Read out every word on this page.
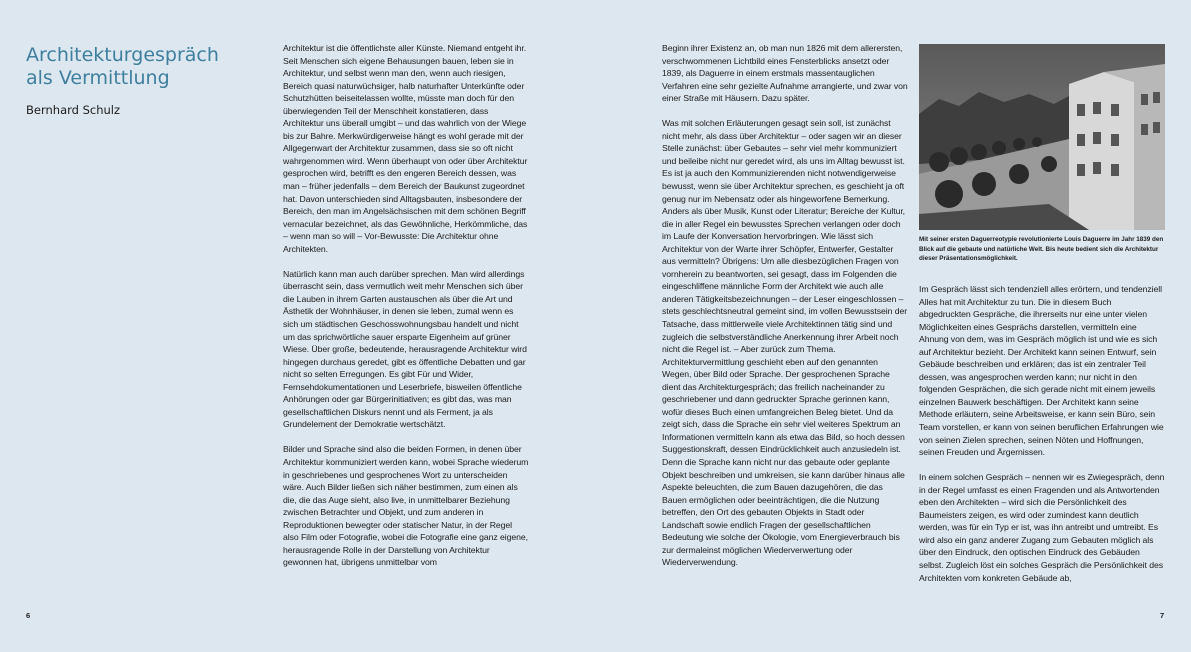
Architekturgespräch
als Vermittlung

Bernhard Schulz

Architektur ist die öffentlichste aller Künste. Niemand entgeht ihr. Seit Menschen sich eigene Behausungen bauen, leben sie in Architektur, und selbst wenn man den, wenn auch riesigen, Bereich quasi naturwüchsiger, halb naturhafter Unterkünfte oder Schutzhütten beiseitelassen wollte, müsste man doch für den überwiegenden Teil der Menschheit konstatieren, dass Architektur uns überall umgibt – und das wahrlich von der Wiege bis zur Bahre. Merkwürdigerweise hängt es wohl gerade mit der Allgegenwart der Architektur zusammen, dass sie so oft nicht wahrgenommen wird. Wenn überhaupt von oder über Architektur gesprochen wird, betrifft es den engeren Bereich dessen, was man – früher jedenfalls – dem Bereich der Baukunst zugeordnet hat. Davon unterschieden sind Alltagsbauten, insbesondere der Bereich, den man im Angelsächsischen mit dem schönen Begriff vernacular bezeichnet, als das Gewöhnliche, Herkömmliche, das – wenn man so will – Vor-Bewusste: Die Architektur ohne Architekten.

Natürlich kann man auch darüber sprechen. Man wird allerdings überrascht sein, dass vermutlich weit mehr Menschen sich über die Lauben in ihrem Garten austauschen als über die Art und Ästhetik der Wohnhäuser, in denen sie leben, zumal wenn es sich um städtischen Geschosswohnungsbau handelt und nicht um das sprichwörtliche sauer ersparte Eigenheim auf grüner Wiese. Über große, bedeutende, herausragende Architektur wird hingegen durchaus geredet, gibt es öffentliche Debatten und gar nicht so selten Erregungen. Es gibt Für und Wider, Fernsehdokumentationen und Leserbriefe, bisweilen öffentliche Anhörungen oder gar Bürgerinitiativen; es gibt das, was man gesellschaftlichen Diskurs nennt und als Ferment, ja als Grundelement der Demokratie wertschätzt.

Bilder und Sprache sind also die beiden Formen, in denen über Architektur kommuniziert werden kann, wobei Sprache wiederum in geschriebenes und gesprochenes Wort zu unterscheiden wäre. Auch Bilder ließen sich näher bestimmen, zum einen als die, die das Auge sieht, also live, in unmittelbarer Beziehung zwischen Betrachter und Objekt, und zum anderen in Reproduktionen bewegter oder statischer Natur, in der Regel also Film oder Fotografie, wobei die Fotografie eine ganz eigene, herausragende Rolle in der Darstellung von Architektur gewonnen hat, übrigens unmittelbar vom

Beginn ihrer Existenz an, ob man nun 1826 mit dem allerersten, verschwommenen Lichtbild eines Fensterblicks ansetzt oder 1839, als Daguerre in einem erstmals massentauglichen Verfahren eine sehr gezielte Aufnahme arrangierte, und zwar von einer Straße mit Häusern. Dazu später.

Was mit solchen Erläuterungen gesagt sein soll, ist zunächst nicht mehr, als dass über Architektur – oder sagen wir an dieser Stelle zunächst: über Gebautes – sehr viel mehr kommuniziert und beileibe nicht nur geredet wird, als uns im Alltag bewusst ist. Es ist ja auch den Kommunizierenden nicht notwendigerweise bewusst, wenn sie über Architektur sprechen, es geschieht ja oft genug nur im Nebensatz oder als hingeworfene Bemerkung. Anders als über Musik, Kunst oder Literatur; Bereiche der Kultur, die in aller Regel ein bewusstes Sprechen verlangen oder doch im Laufe der Konversation hervorbringen. Wie lässt sich Architektur von der Warte ihrer Schöpfer, Entwerfer, Gestalter aus vermitteln? Übrigens: Um alle diesbezüglichen Fragen von vornherein zu beantworten, sei gesagt, dass im Folgenden die eingeschliffene männliche Form der Architekt wie auch alle anderen Tätigkeitsbezeichnungen – der Leser eingeschlossen – stets geschlechtsneutral gemeint sind, im vollen Bewusstsein der Tatsache, dass mittlerweile viele Architektinnen tätig sind und zugleich die selbstverständliche Anerkennung ihrer Arbeit noch nicht die Regel ist. – Aber zurück zum Thema. Architekturvermittlung geschieht eben auf den genannten Wegen, über Bild oder Sprache. Der gesprochenen Sprache dient das Architekturgespräch; das freilich nacheinander zu geschriebener und dann gedruckter Sprache gerinnen kann, wofür dieses Buch einen umfangreichen Beleg bietet. Und da zeigt sich, dass die Sprache ein sehr viel weiteres Spektrum an Informationen vermitteln kann als etwa das Bild, so hoch dessen Suggestionskraft, dessen Eindrücklichkeit auch anzusiedeln ist. Denn die Sprache kann nicht nur das gebaute oder geplante Objekt beschreiben und umkreisen, sie kann darüber hinaus alle Aspekte beleuchten, die zum Bauen dazugehören, die das Bauen ermöglichen oder beeinträchtigen, die die Nutzung betreffen, den Ort des gebauten Objekts in Stadt oder Landschaft sowie endlich Fragen der gesellschaftlichen Bedeutung wie solche der Ökologie, vom Energieverbrauch bis zur dermaleinst möglichen Wiederverwertung oder Wiederverwendung.

Mit seiner ersten Daguerreotypie revolutionierte Louis Daguerre im Jahr 1839 den Blick auf die gebaute und natürliche Welt. Bis heute bedient sich die Architektur dieser Präsentationsmöglichkeit.

Im Gespräch lässt sich tendenziell alles erörtern, und tendenziell Alles hat mit Architektur zu tun. Die in diesem Buch abgedruckten Gespräche, die ihrerseits nur eine unter vielen Möglichkeiten eines Gesprächs darstellen, vermitteln eine Ahnung von dem, was im Gespräch möglich ist und wie es sich auf Architektur bezieht. Der Architekt kann seinen Entwurf, sein Gebäude beschreiben und erklären; das ist ein zentraler Teil dessen, was angesprochen werden kann; nur nicht in den folgenden Gesprächen, die sich gerade nicht mit einem jeweils einzelnen Bauwerk beschäftigen. Der Architekt kann seine Methode erläutern, seine Arbeitsweise, er kann sein Büro, sein Team vorstellen, er kann von seinen beruflichen Erfahrungen wie von seinen Zielen sprechen, seinen Nöten und Hoffnungen, seinen Freuden und Ärgernissen.

In einem solchen Gespräch – nennen wir es Zwiegespräch, denn in der Regel umfasst es einen Fragenden und als Antwortenden eben den Architekten – wird sich die Persönlichkeit des Baumeisters zeigen, es wird oder zumindest kann deutlich werden, was für ein Typ er ist, was ihn antreibt und umtreibt. Es wird also ein ganz anderer Zugang zum Gebauten möglich als über den Eindruck, den optischen Eindruck des Gebäuden selbst. Zugleich löst ein solches Gespräch die Persönlichkeit des Architekten vom konkreten Gebäude ab,

6	7
